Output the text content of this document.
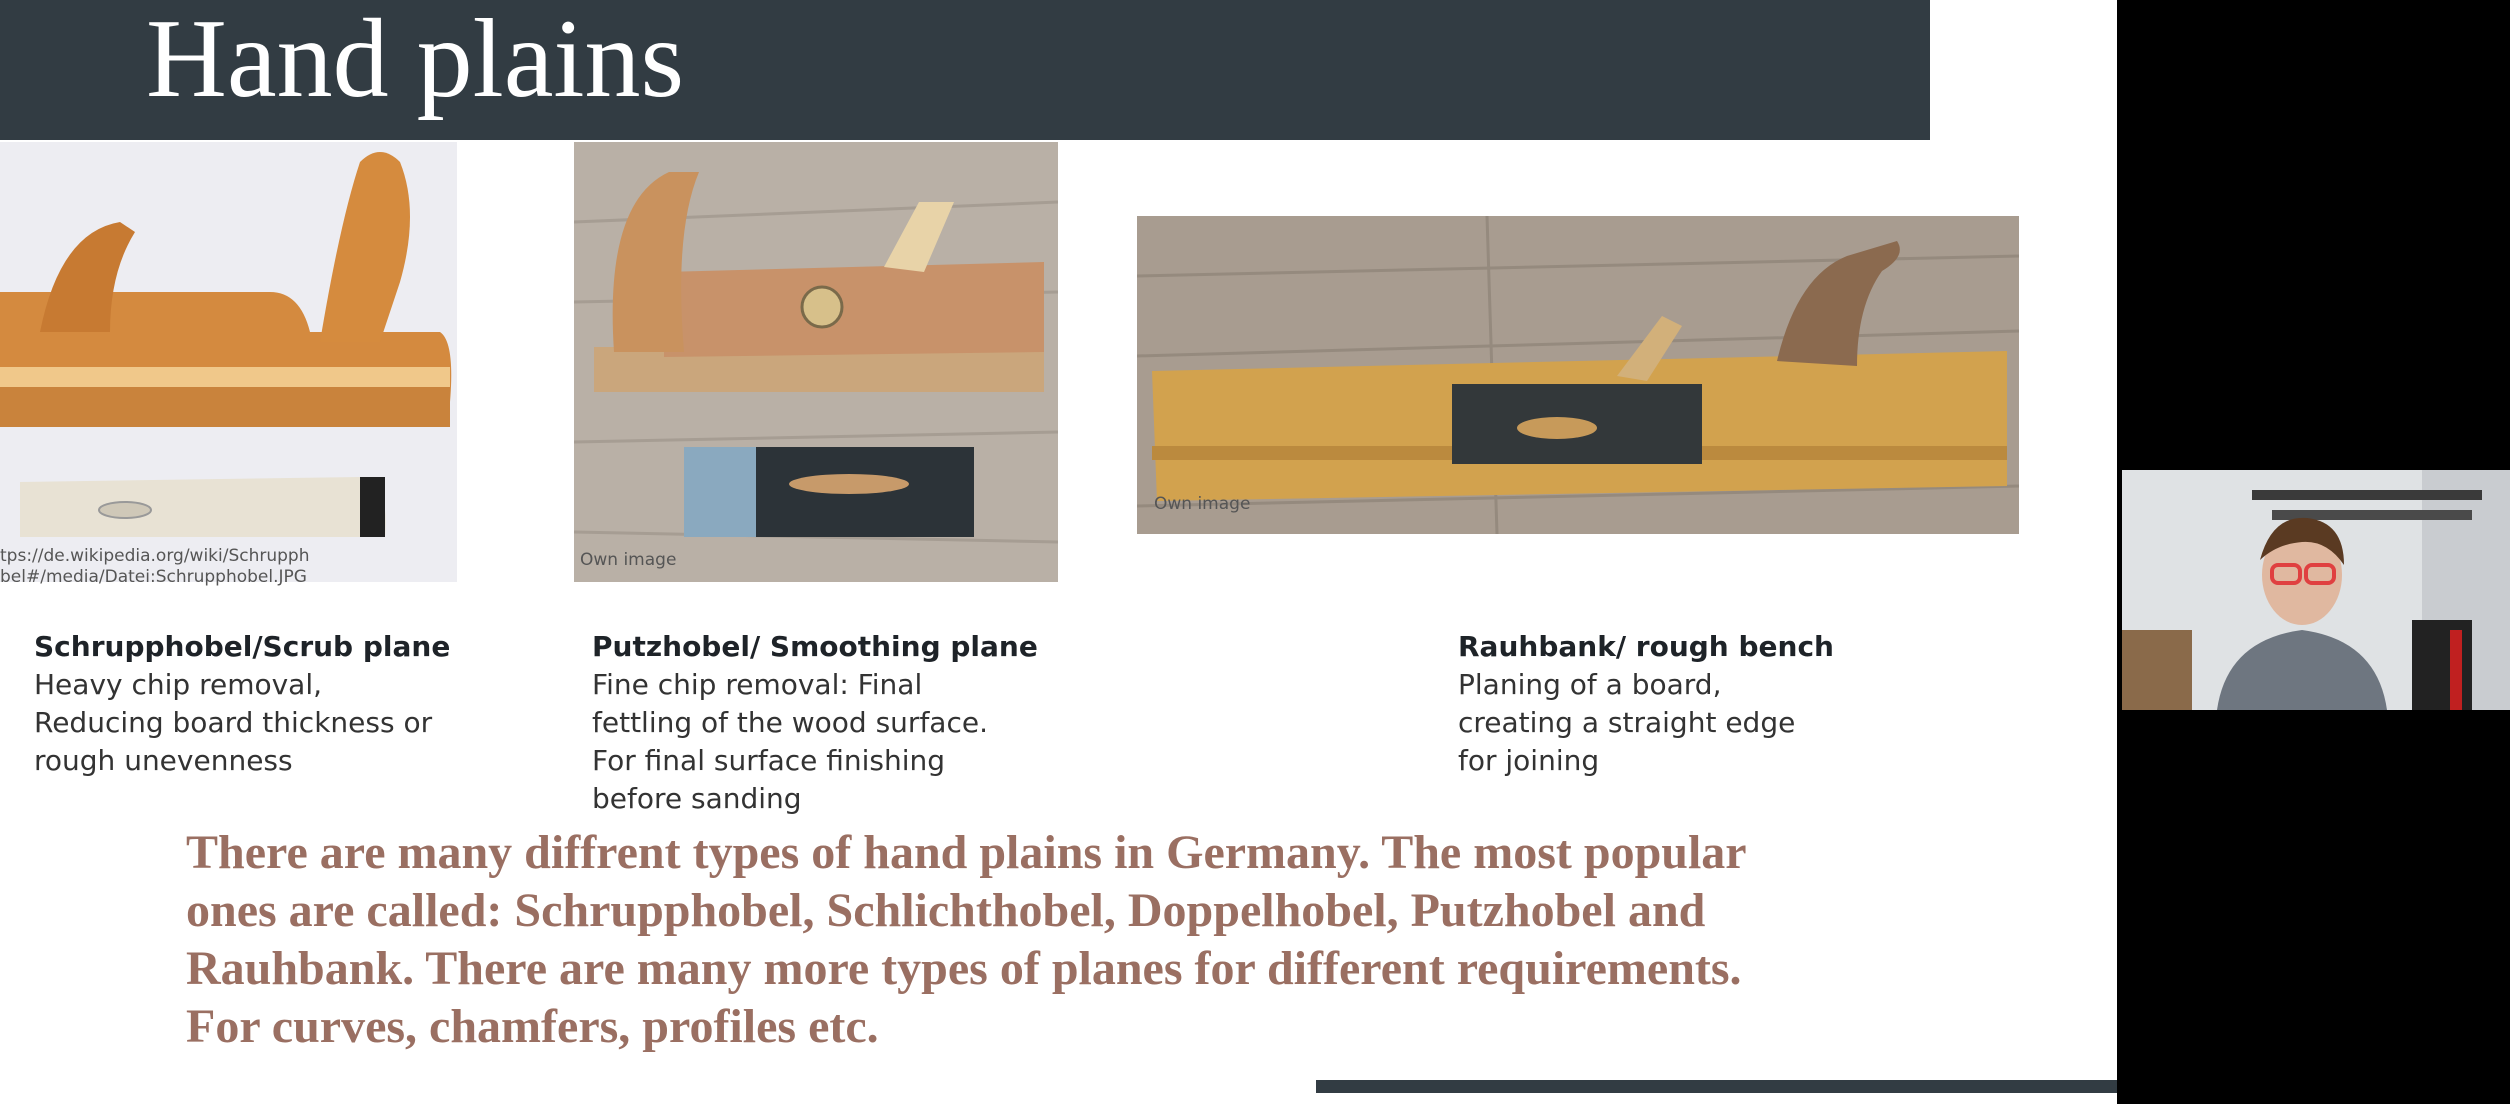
Hand plains
tps://de.wikipedia.org/wiki/Schrupph
bel#/media/Datei:Schrupphobel.JPG
Own image
Own image
Schrupphobel/Scrub plane
Heavy chip removal,
Reducing board thickness or
rough unevenness
Putzhobel/ Smoothing plane
Fine chip removal: Final
fettling of the wood surface.
For final surface finishing
before sanding
Rauhbank/ rough bench
Planing of a board,
creating a straight edge
for joining
There are many diffrent types of hand plains in Germany. The most popular
ones are called: Schrupphobel, Schlichthobel, Doppelhobel, Putzhobel and
Rauhbank. There are many more types of planes for different requirements.
For curves, chamfers, profiles etc.
